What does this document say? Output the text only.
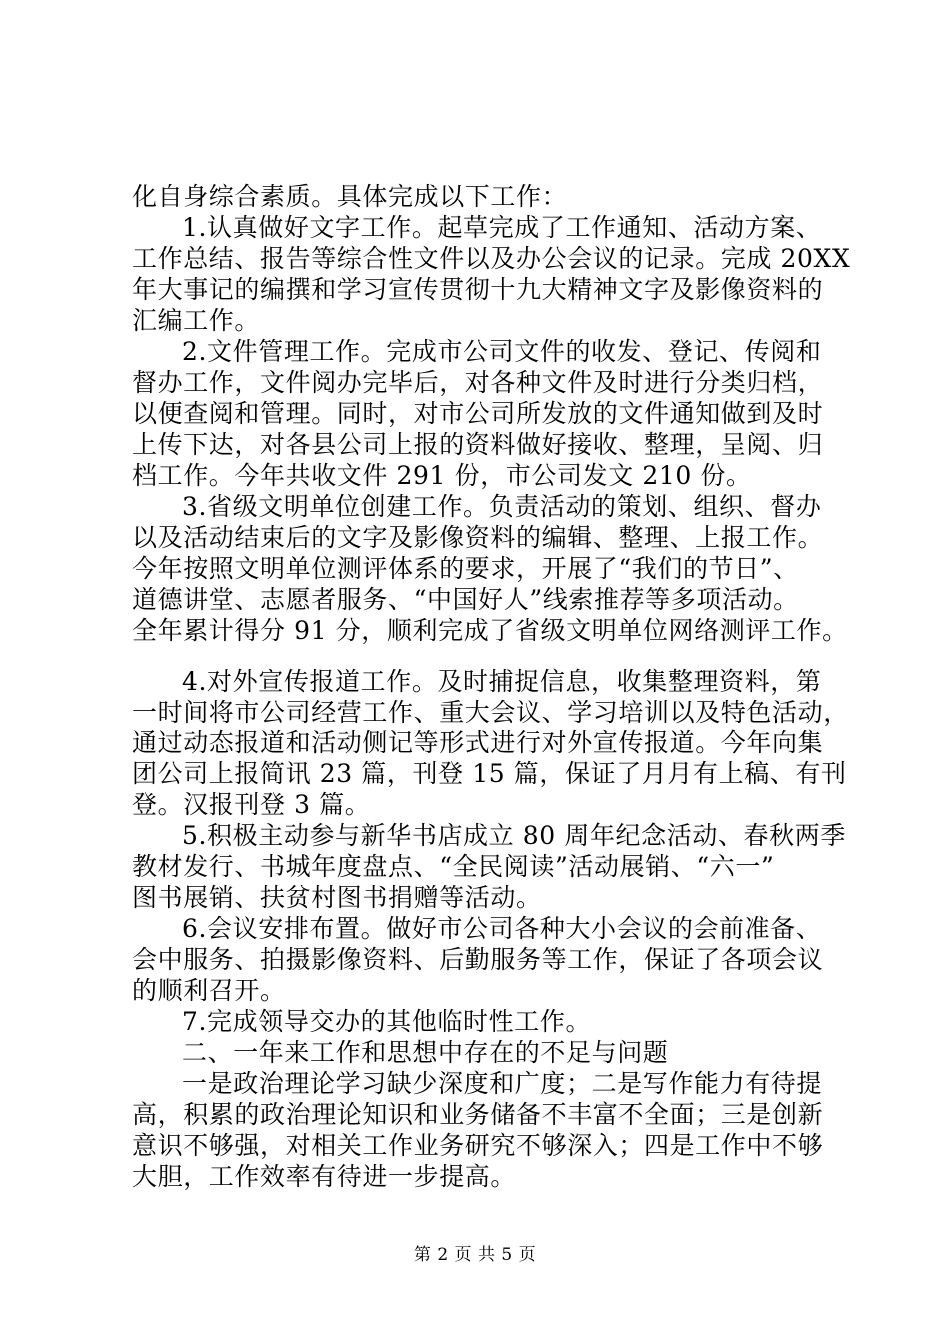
化自身综合素质。具体完成以下工作：
1.认真做好文字工作。起草完成了工作通知、活动方案、
工作总结、报告等综合性文件以及办公会议的记录。完成 20XX
年大事记的编撰和学习宣传贯彻十九大精神文字及影像资料的
汇编工作。
2.文件管理工作。完成市公司文件的收发、登记、传阅和
督办工作，文件阅办完毕后，对各种文件及时进行分类归档，
以便查阅和管理。同时，对市公司所发放的文件通知做到及时
上传下达，对各县公司上报的资料做好接收、整理，呈阅、归
档工作。今年共收文件 291 份，市公司发文 210 份。
3.省级文明单位创建工作。负责活动的策划、组织、督办
以及活动结束后的文字及影像资料的编辑、整理、上报工作。
今年按照文明单位测评体系的要求，开展了“我们的节日”、
道德讲堂、志愿者服务、“中国好人”线索推荐等多项活动。
全年累计得分 91 分，顺利完成了省级文明单位网络测评工作。
4.对外宣传报道工作。及时捕捉信息，收集整理资料，第
一时间将市公司经营工作、重大会议、学习培训以及特色活动，
通过动态报道和活动侧记等形式进行对外宣传报道。今年向集
团公司上报简讯 23 篇，刊登 15 篇，保证了月月有上稿、有刊
登。汉报刊登 3 篇。
5.积极主动参与新华书店成立 80 周年纪念活动、春秋两季
教材发行、书城年度盘点、“全民阅读”活动展销、“六一”
图书展销、扶贫村图书捐赠等活动。
6.会议安排布置。做好市公司各种大小会议的会前准备、
会中服务、拍摄影像资料、后勤服务等工作，保证了各项会议
的顺利召开。
7.完成领导交办的其他临时性工作。
二、一年来工作和思想中存在的不足与问题
一是政治理论学习缺少深度和广度；二是写作能力有待提
高，积累的政治理论知识和业务储备不丰富不全面；三是创新
意识不够强，对相关工作业务研究不够深入；四是工作中不够
大胆，工作效率有待进一步提高。
第 2 页 共 5 页
